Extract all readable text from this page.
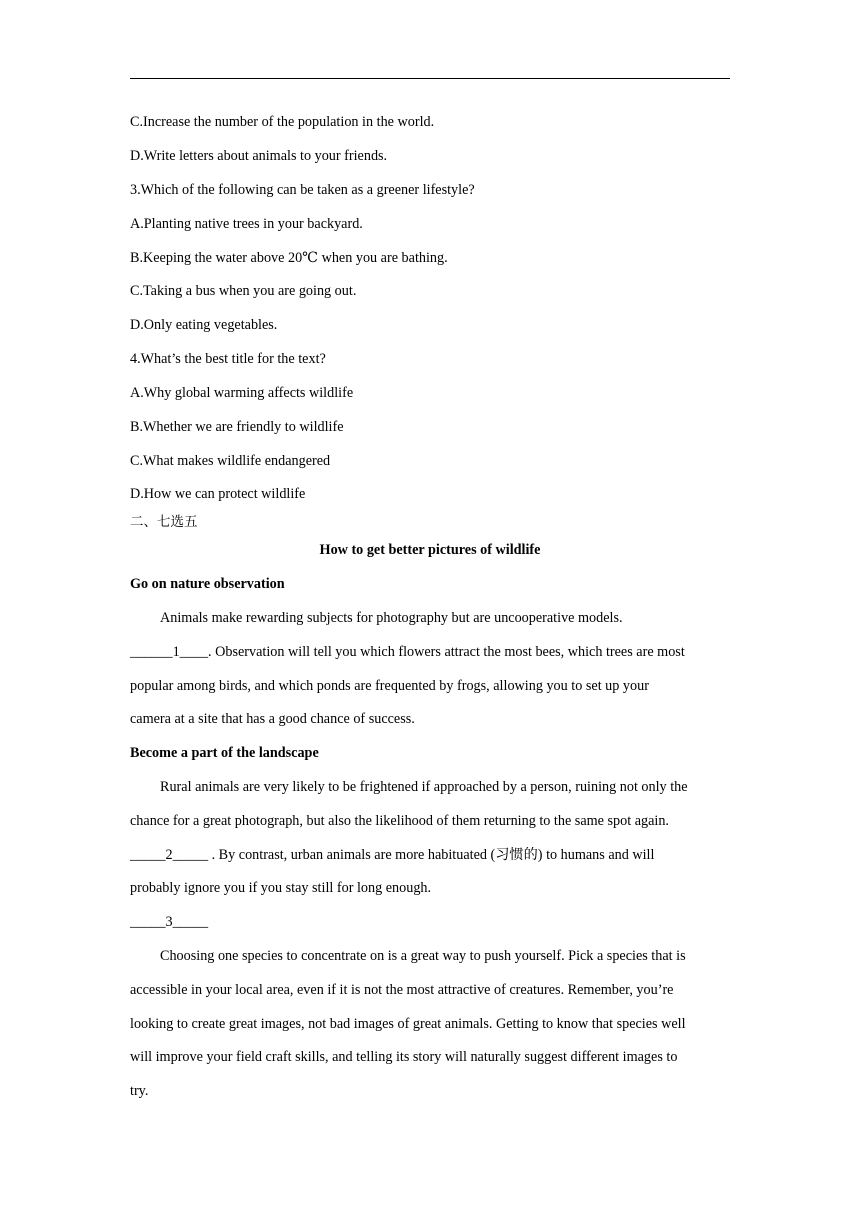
C.Increase the number of the population in the world.
D.Write letters about animals to your friends.
3.Which of the following can be taken as a greener lifestyle?
A.Planting native trees in your backyard.
B.Keeping the water above 20℃ when you are bathing.
C.Taking a bus when you are going out.
D.Only eating vegetables.
4.What’s the best title for the text?
A.Why global warming affects wildlife
B.Whether we are friendly to wildlife
C.What makes wildlife endangered
D.How we can protect wildlife
二、七选五
How to get better pictures of wildlife
Go on nature observation
Animals make rewarding subjects for photography but are uncooperative models.
______1____. Observation will tell you which flowers attract the most bees, which trees are most
popular among birds, and which ponds are frequented by frogs, allowing you to set up your
camera at a site that has a good chance of success.
Become a part of the landscape
Rural animals are very likely to be frightened if approached by a person, ruining not only the
chance for a great photograph, but also the likelihood of them returning to the same spot again.
_____2_____ . By contrast, urban animals are more habituated (习惯的) to humans and will
probably ignore you if you stay still for long enough.
_____3_____
Choosing one species to concentrate on is a great way to push yourself. Pick a species that is
accessible in your local area, even if it is not the most attractive of creatures. Remember, you’re
looking to create great images, not bad images of great animals. Getting to know that species well
will improve your field craft skills, and telling its story will naturally suggest different images to
try.
